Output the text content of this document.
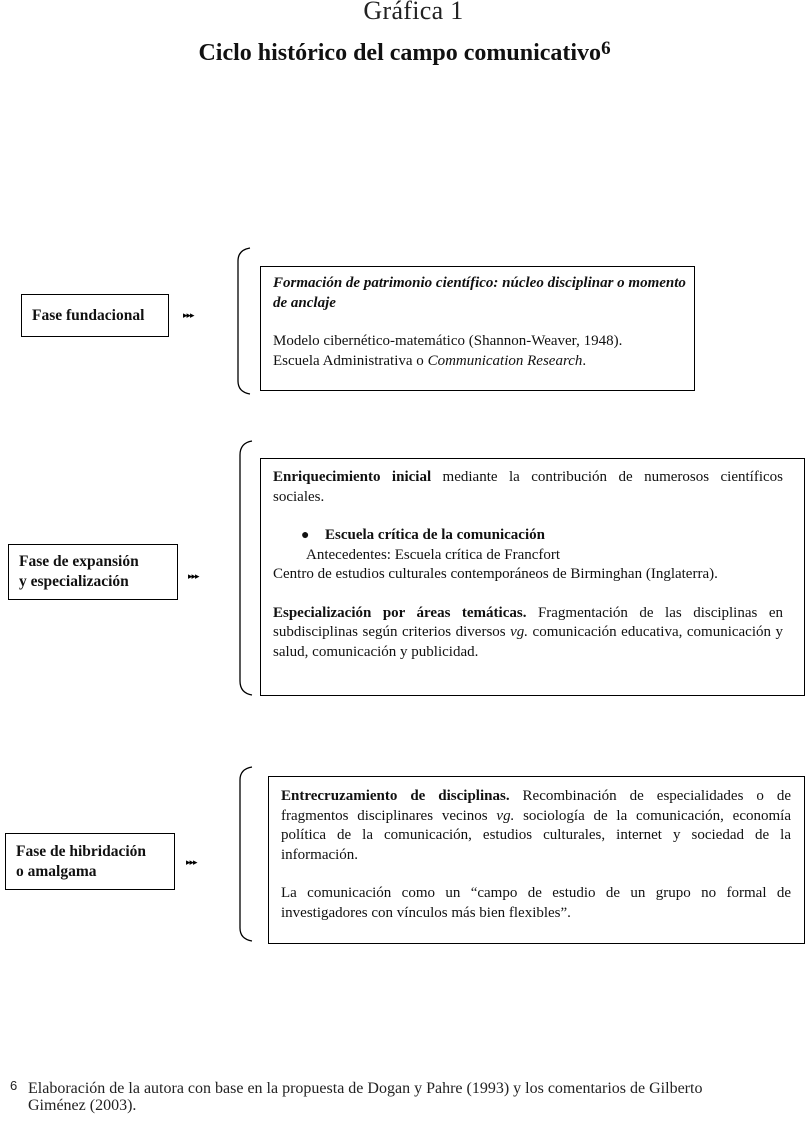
Gráfica 1
Ciclo histórico del campo comunicativo$^6$
Fase fundacional	▸▸▸

Formación de patrimonio científico: núcleo disciplinar o momento de anclaje

Modelo cibernético-matemático (Shannon-Weaver, 1948).

Escuela Administrativa o Communication Research.

Fase de expansión
y especialización	▸▸▸

Enriquecimiento inicial mediante la contribución de numerosos científicos sociales.

● Escuela crítica de la comunicación

Antecedentes: Escuela crítica de Francfort

Centro de estudios culturales contemporáneos de Birminghan (Inglaterra).

Especialización por áreas temáticas. Fragmentación de las disciplinas en subdisciplinas según criterios diversos vg. comunicación educativa, comunicación y salud, comunicación y publicidad.

Fase de hibridación
o amalgama
▸▸▸

Entrecruzamiento de disciplinas. Recombinación de especialidades o de fragmentos disciplinares vecinos vg. sociología de la comunicación, economía política de la comunicación, estudios culturales, internet y sociedad de la información.

La comunicación como un “campo de estudio de un grupo no formal de investigadores con vínculos más bien flexibles”.

6 Elaboración de la autora con base en la propuesta de Dogan y Pahre (1993) y los comentarios de Gilberto Giménez (2003).
